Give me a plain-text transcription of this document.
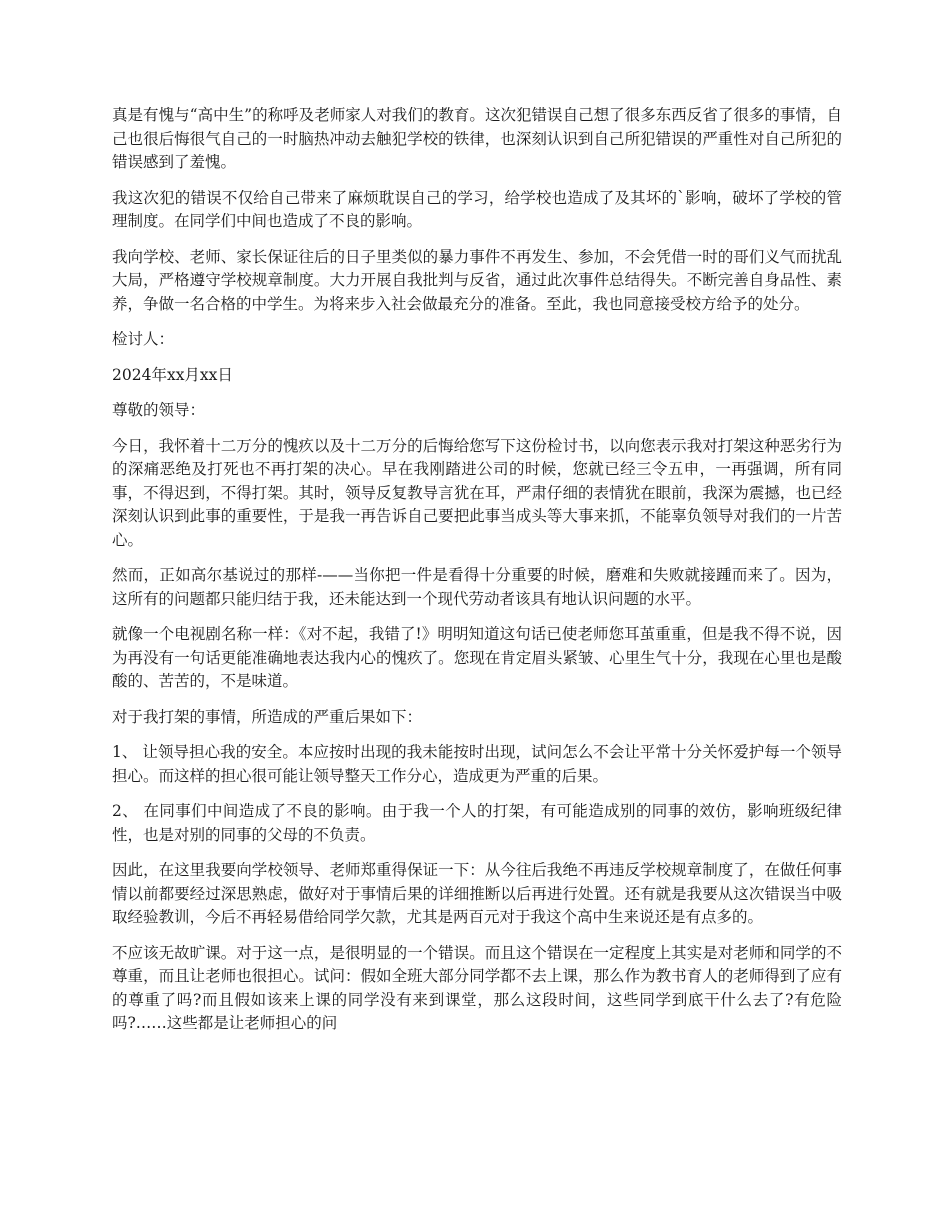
真是有愧与“高中生”的称呼及老师家人对我们的教育。这次犯错误自己想了很多东西反省了很多的事情，自己也很后悔很气自己的一时脑热冲动去触犯学校的铁律，也深刻认识到自己所犯错误的严重性对自己所犯的错误感到了羞愧。

我这次犯的错误不仅给自己带来了麻烦耽误自己的学习，给学校也造成了及其坏的`影响，破坏了学校的管理制度。在同学们中间也造成了不良的影响。

我向学校、老师、家长保证往后的日子里类似的暴力事件不再发生、参加，不会凭借一时的哥们义气而扰乱大局，严格遵守学校规章制度。大力开展自我批判与反省，通过此次事件总结得失。不断完善自身品性、素养，争做一名合格的中学生。为将来步入社会做最充分的准备。至此，我也同意接受校方给予的处分。

检讨人：

2024年xx月xx日

尊敬的领导：

今日，我怀着十二万分的愧疚以及十二万分的后悔给您写下这份检讨书，以向您表示我对打架这种恶劣行为的深痛恶绝及打死也不再打架的决心。早在我刚踏进公司的时候，您就已经三令五申，一再强调，所有同事，不得迟到，不得打架。其时，领导反复教导言犹在耳，严肃仔细的表情犹在眼前，我深为震撼，也已经深刻认识到此事的重要性，于是我一再告诉自己要把此事当成头等大事来抓，不能辜负领导对我们的一片苦心。

然而，正如高尔基说过的那样-——当你把一件是看得十分重要的时候，磨难和失败就接踵而来了。因为，这所有的问题都只能归结于我，还未能达到一个现代劳动者该具有地认识问题的水平。

就像一个电视剧名称一样：《对不起，我错了!》明明知道这句话已使老师您耳茧重重，但是我不得不说，因为再没有一句话更能准确地表达我内心的愧疚了。您现在肯定眉头紧皱、心里生气十分，我现在心里也是酸酸的、苦苦的，不是味道。

对于我打架的事情，所造成的严重后果如下：

1、 让领导担心我的安全。本应按时出现的我未能按时出现，试问怎么不会让平常十分关怀爱护每一个领导担心。而这样的担心很可能让领导整天工作分心，造成更为严重的后果。

2、 在同事们中间造成了不良的影响。由于我一个人的打架，有可能造成别的同事的效仿，影响班级纪律性，也是对别的同事的父母的不负责。

因此，在这里我要向学校领导、老师郑重得保证一下：从今往后我绝不再违反学校规章制度了，在做任何事情以前都要经过深思熟虑，做好对于事情后果的详细推断以后再进行处置。还有就是我要从这次错误当中吸取经验教训，今后不再轻易借给同学欠款，尤其是两百元对于我这个高中生来说还是有点多的。

不应该无故旷课。对于这一点，是很明显的一个错误。而且这个错误在一定程度上其实是对老师和同学的不尊重，而且让老师也很担心。试问：假如全班大部分同学都不去上课，那么作为教书育人的老师得到了应有的尊重了吗?而且假如该来上课的同学没有来到课堂，那么这段时间，这些同学到底干什么去了?有危险吗?……这些都是让老师担心的问
